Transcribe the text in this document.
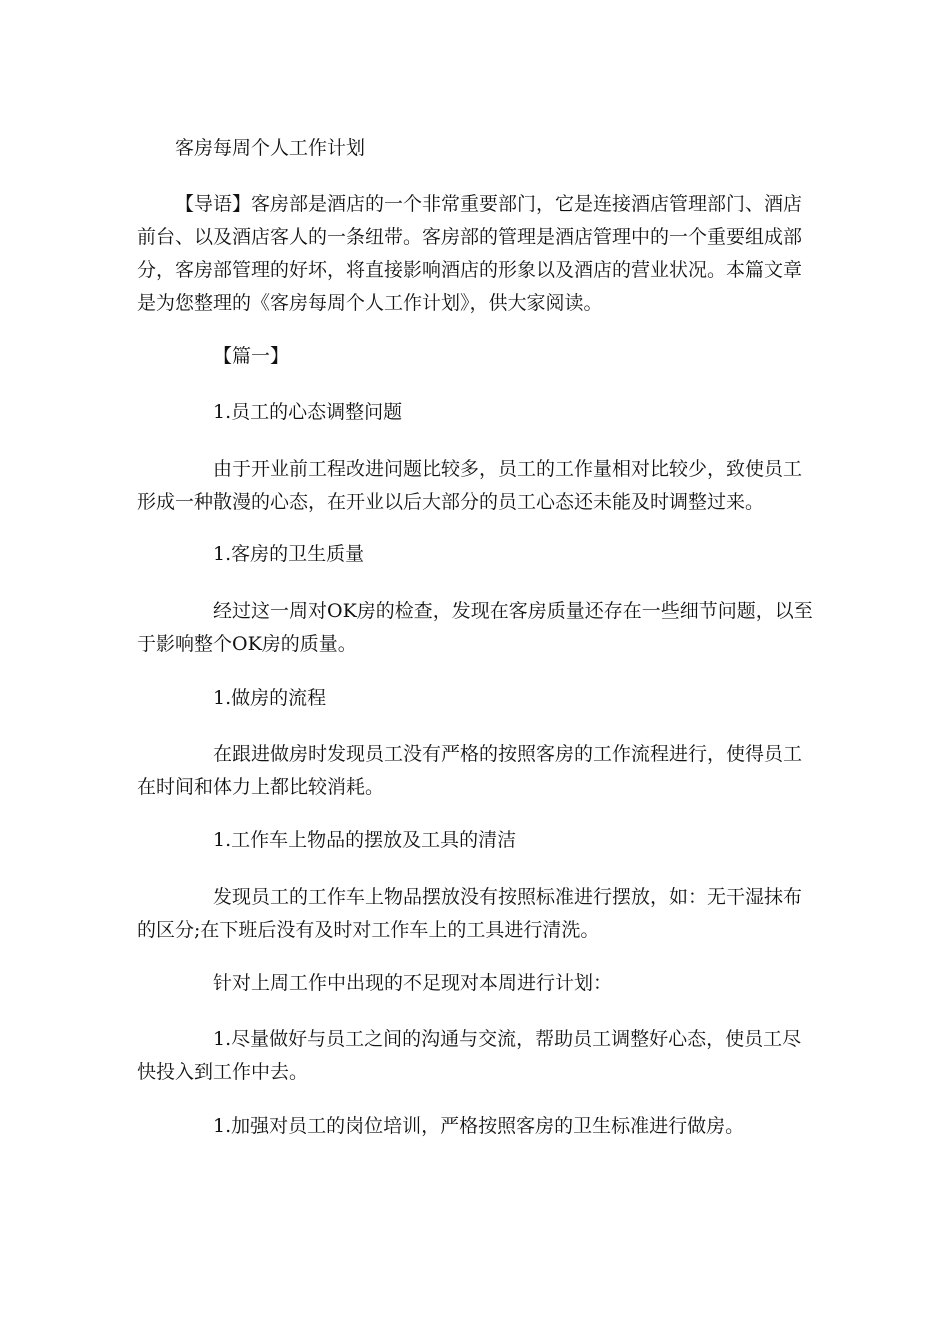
客房每周个人工作计划

【导语】客房部是酒店的一个非常重要部门，它是连接酒店管理部门、酒店前台、以及酒店客人的一条纽带。客房部的管理是酒店管理中的一个重要组成部分，客房部管理的好坏，将直接影响酒店的形象以及酒店的营业状况。本篇文章是为您整理的《客房每周个人工作计划》，供大家阅读。

【篇一】

1.员工的心态调整问题

由于开业前工程改进问题比较多，员工的工作量相对比较少，致使员工形成一种散漫的心态，在开业以后大部分的员工心态还未能及时调整过来。

1.客房的卫生质量

经过这一周对OK房的检查，发现在客房质量还存在一些细节问题，以至于影响整个OK房的质量。

1.做房的流程

在跟进做房时发现员工没有严格的按照客房的工作流程进行，使得员工在时间和体力上都比较消耗。

1.工作车上物品的摆放及工具的清洁

发现员工的工作车上物品摆放没有按照标准进行摆放，如：无干湿抹布的区分;在下班后没有及时对工作车上的工具进行清洗。

针对上周工作中出现的不足现对本周进行计划：

1.尽量做好与员工之间的沟通与交流，帮助员工调整好心态，使员工尽快投入到工作中去。

1.加强对员工的岗位培训，严格按照客房的卫生标准进行做房。
